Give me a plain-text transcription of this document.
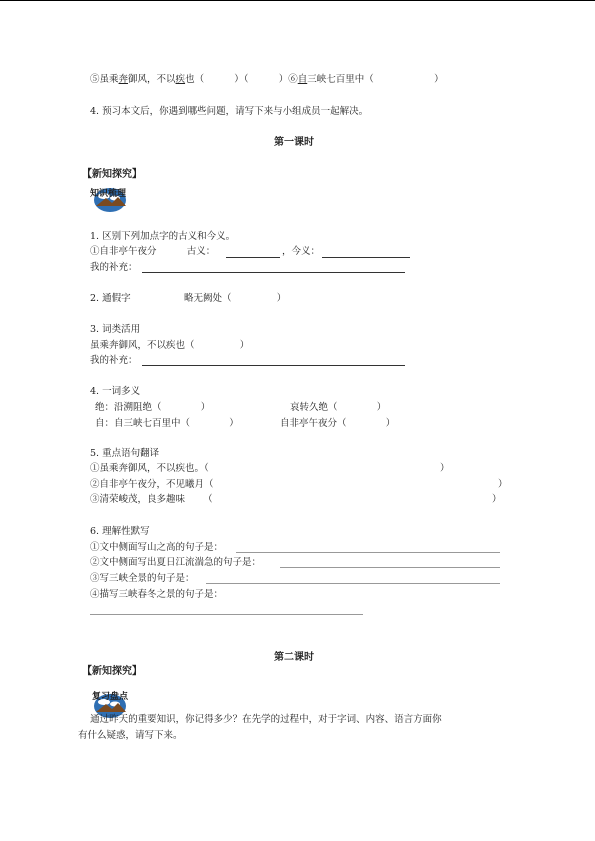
⑤虽乘奔御风，不以疾也（          ）（          ）⑥自三峡七百里中（                    ）
4. 预习本文后，你遇到哪些问题，请写下来与小组成员一起解决。
第一课时
【新知探究】
知识梳理
1. 区别下列加点字的古义和今义。
①自非亭午夜分          古义：	，今义：
我的补充：
2. 通假字	略无阙处（               ）
3. 词类活用
虽乘奔御风，不以疾也（               ）
我的补充：
4. 一词多义
绝：沿溯阻绝（             ）	哀转久绝（             ）
自：自三峡七百里中（             ）	自非亭午夜分（             ）
5. 重点语句翻译
①虽乘奔御风，不以疾也。（	）
②自非亭午夜分，不见曦月（	）
③清荣峻茂，良多趣味      （	）
6. 理解性默写
①文中侧面写山之高的句子是：
②文中侧面写出夏日江流湍急的句子是：
③写三峡全景的句子是：
④描写三峡春冬之景的句子是：
第二课时
【新知探究】
复习盘点
通过昨天的重要知识，你记得多少？在先学的过程中，对于字词、内容、语言方面你
有什么疑惑，请写下来。
